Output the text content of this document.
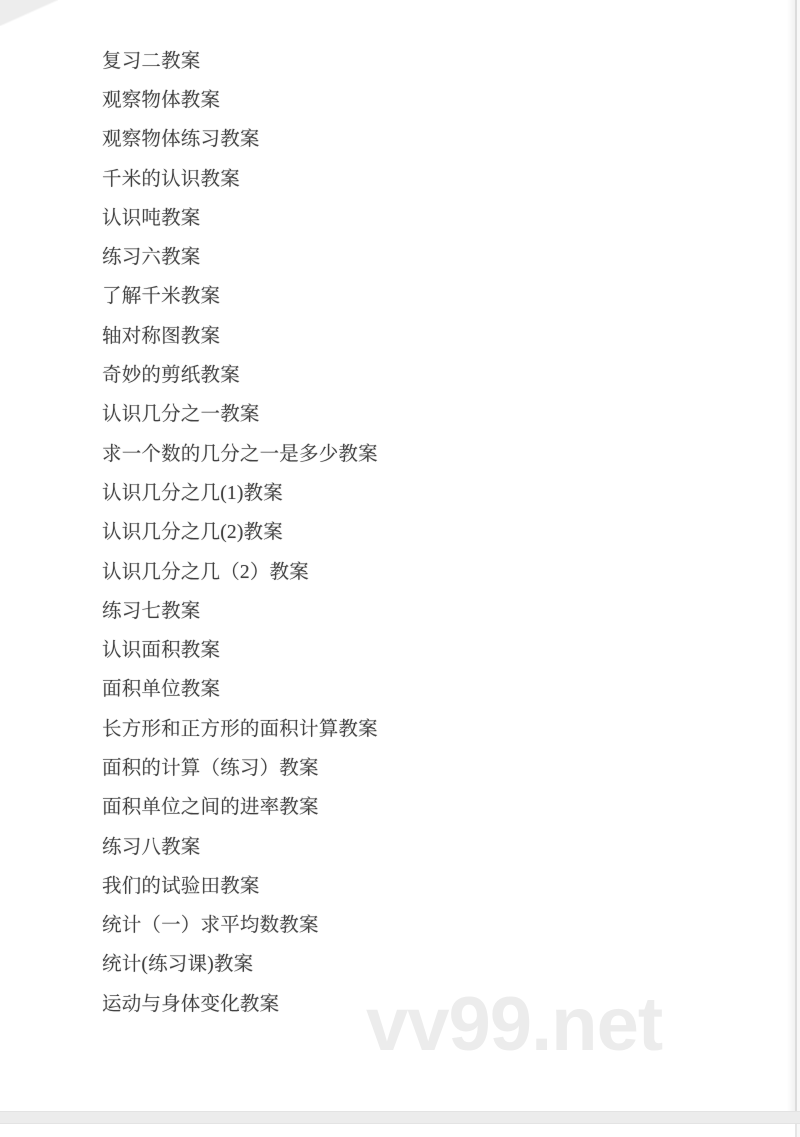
复习二教案
观察物体教案
观察物体练习教案
千米的认识教案
认识吨教案
练习六教案
了解千米教案
轴对称图教案
奇妙的剪纸教案
认识几分之一教案
求一个数的几分之一是多少教案
认识几分之几(1)教案
认识几分之几(2)教案
认识几分之几（2）教案
练习七教案
认识面积教案
面积单位教案
长方形和正方形的面积计算教案
面积的计算（练习）教案
面积单位之间的进率教案
练习八教案
我们的试验田教案
统计（一）求平均数教案
统计(练习课)教案
运动与身体变化教案	vv99.net
